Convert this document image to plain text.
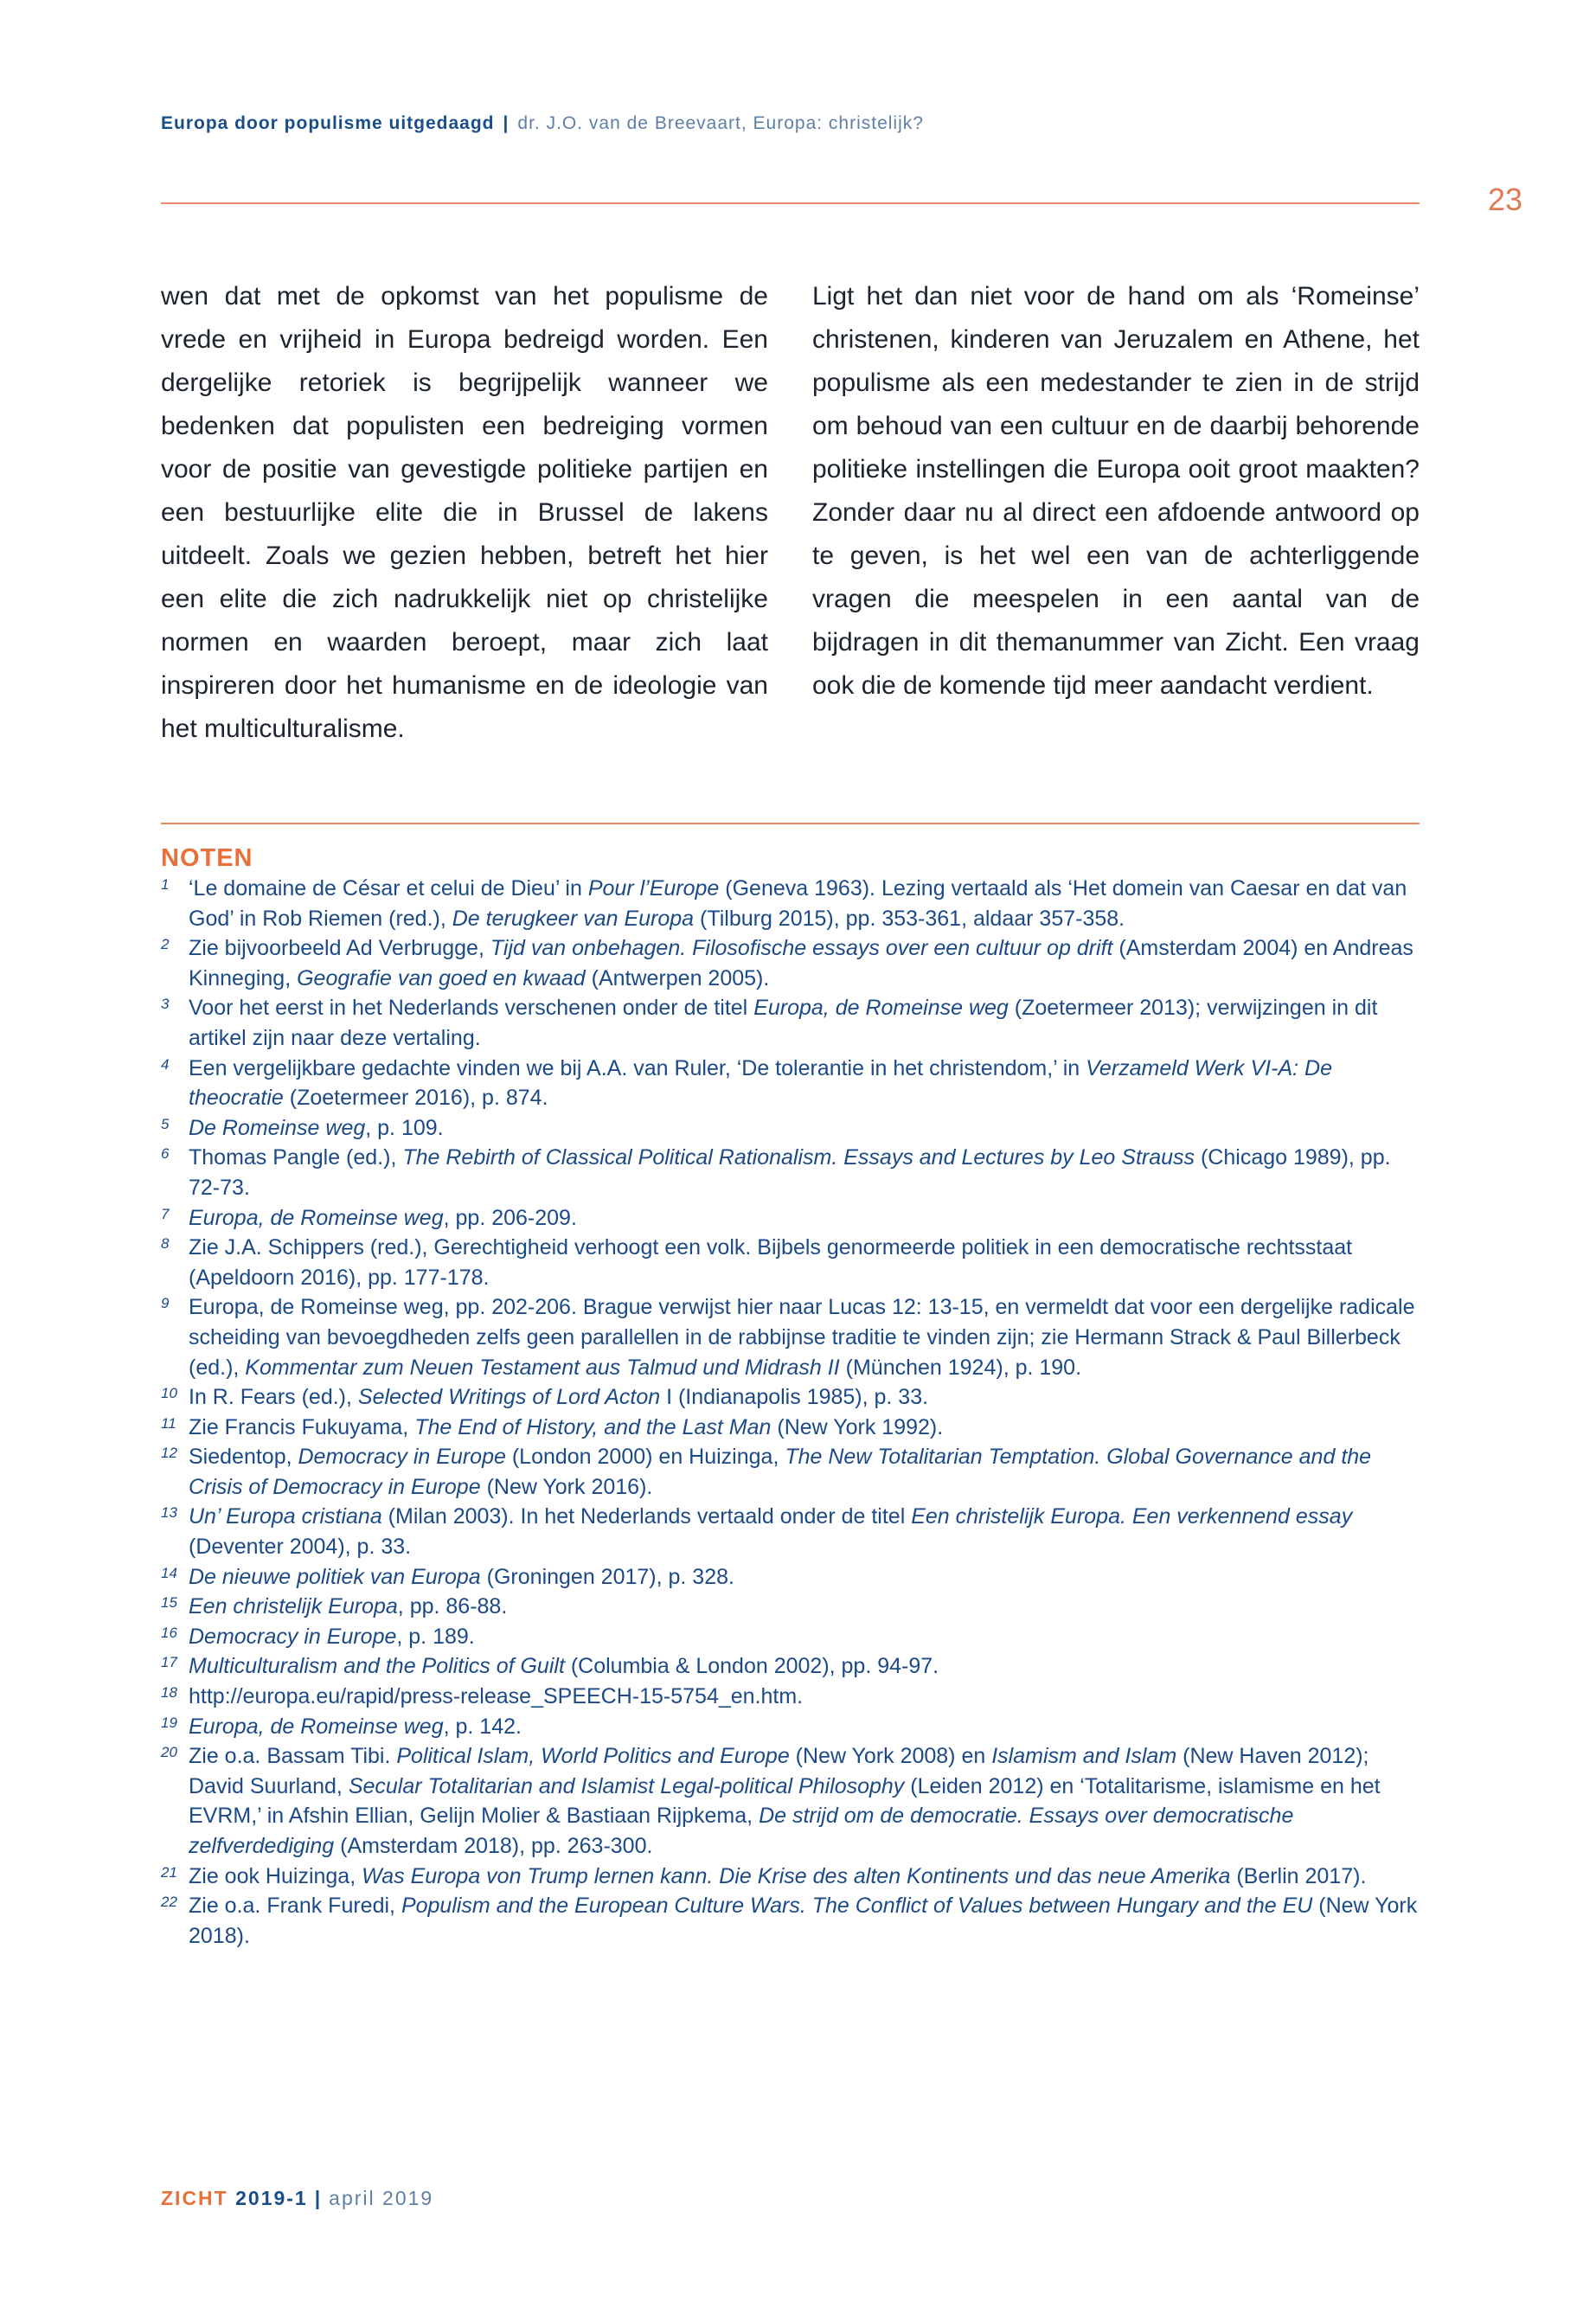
Europa door populisme uitgedaagd | dr. J.O. van de Breevaart, Europa: christelijk?
23

wen dat met de opkomst van het populisme de vrede en vrijheid in Europa bedreigd worden. Een dergelijke retoriek is begrijpelijk wanneer we bedenken dat populisten een bedreiging vormen voor de positie van gevestigde politieke partijen en een bestuurlijke elite die in Brussel de lakens uitdeelt. Zoals we gezien hebben, betreft het hier een elite die zich nadrukkelijk niet op christelijke normen en waarden beroept, maar zich laat inspireren door het humanisme en de ideologie van het multiculturalisme.

Ligt het dan niet voor de hand om als ‘Romeinse’ christenen, kinderen van Jeruzalem en Athene, het populisme als een medestander te zien in de strijd om behoud van een cultuur en de daarbij behorende politieke instellingen die Europa ooit groot maakten? Zonder daar nu al direct een afdoende antwoord op te geven, is het wel een van de achterliggende vragen die meespelen in een aantal van de bijdragen in dit themanummer van Zicht. Een vraag ook die de komende tijd meer aandacht verdient.

NOTEN
1 ‘Le domaine de César et celui de Dieu’ in Pour l’Europe (Geneva 1963). Lezing vertaald als ‘Het domein van Caesar en dat van God’ in Rob Riemen (red.), De terugkeer van Europa (Tilburg 2015), pp. 353-361, aldaar 357-358.
2 Zie bijvoorbeeld Ad Verbrugge, Tijd van onbehagen. Filosofische essays over een cultuur op drift (Amsterdam 2004) en Andreas Kinneging, Geografie van goed en kwaad (Antwerpen 2005).
3 Voor het eerst in het Nederlands verschenen onder de titel Europa, de Romeinse weg (Zoetermeer 2013); verwijzingen in dit artikel zijn naar deze vertaling.
4 Een vergelijkbare gedachte vinden we bij A.A. van Ruler, ‘De tolerantie in het christendom,’ in Verzameld Werk VI-A: De theocratie (Zoetermeer 2016), p. 874.
5 De Romeinse weg, p. 109.
6 Thomas Pangle (ed.), The Rebirth of Classical Political Rationalism. Essays and Lectures by Leo Strauss (Chicago 1989), pp. 72-73.
7 Europa, de Romeinse weg, pp. 206-209.
8 Zie J.A. Schippers (red.), Gerechtigheid verhoogt een volk. Bijbels genormeerde politiek in een democratische rechtsstaat (Apeldoorn 2016), pp. 177-178.
9 Europa, de Romeinse weg, pp. 202-206. Brague verwijst hier naar Lucas 12: 13-15, en vermeldt dat voor een dergelijke radicale scheiding van bevoegdheden zelfs geen parallellen in de rabbijnse traditie te vinden zijn; zie Hermann Strack & Paul Billerbeck (ed.), Kommentar zum Neuen Testament aus Talmud und Midrash II (München 1924), p. 190.
10 In R. Fears (ed.), Selected Writings of Lord Acton I (Indianapolis 1985), p. 33.
11 Zie Francis Fukuyama, The End of History, and the Last Man (New York 1992).
12 Siedentop, Democracy in Europe (London 2000) en Huizinga, The New Totalitarian Temptation. Global Governance and the Crisis of Democracy in Europe (New York 2016).
13 Un’ Europa cristiana (Milan 2003). In het Nederlands vertaald onder de titel Een christelijk Europa. Een verkennend essay (Deventer 2004), p. 33.
14 De nieuwe politiek van Europa (Groningen 2017), p. 328.
15 Een christelijk Europa, pp. 86-88.
16 Democracy in Europe, p. 189.
17 Multiculturalism and the Politics of Guilt (Columbia & London 2002), pp. 94-97.
18 http://europa.eu/rapid/press-release_SPEECH-15-5754_en.htm.
19 Europa, de Romeinse weg, p. 142.
20 Zie o.a. Bassam Tibi. Political Islam, World Politics and Europe (New York 2008) en Islamism and Islam (New Haven 2012); David Suurland, Secular Totalitarian and Islamist Legal-political Philosophy (Leiden 2012) en ‘Totalitarisme, islamisme en het EVRM,’ in Afshin Ellian, Gelijn Molier & Bastiaan Rijpkema, De strijd om de democratie. Essays over democratische zelfverdediging (Amsterdam 2018), pp. 263-300.
21 Zie ook Huizinga, Was Europa von Trump lernen kann. Die Krise des alten Kontinents und das neue Amerika (Berlin 2017).
22 Zie o.a. Frank Furedi, Populism and the European Culture Wars. The Conflict of Values between Hungary and the EU (New York 2018).
ZICHT 2019-1 | april 2019
